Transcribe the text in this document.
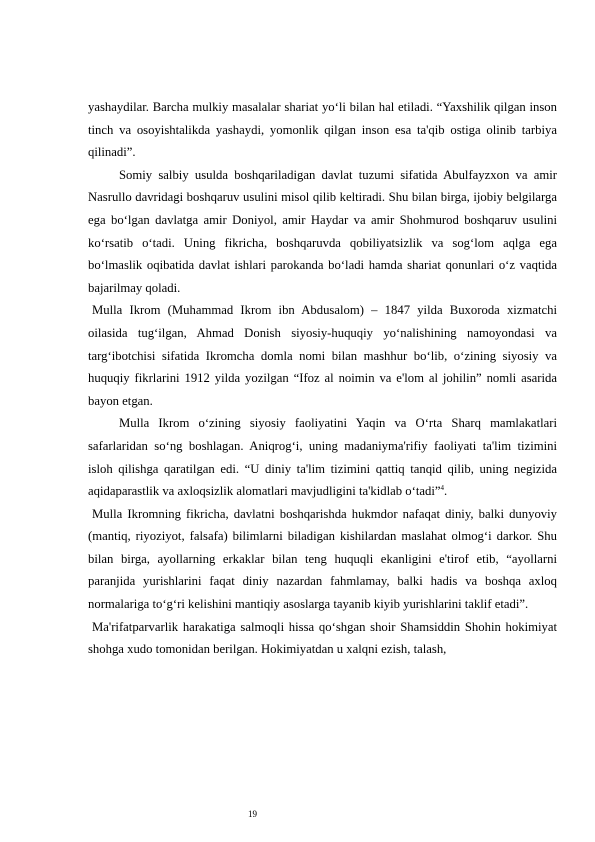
yashaydilar. Barcha mulkiy masalalar shariat yo‘li bilan hal etiladi. “Yaxshilik qilgan inson tinch va osoyishtalikda yashaydi, yomonlik qilgan inson esa ta'qib ostiga olinib tarbiya qilinadi”.

Somiy salbiy usulda boshqariladigan davlat tuzumi sifatida Abulfayzxon va amir Nasrullo davridagi boshqaruv usulini misol qilib keltiradi. Shu bilan birga, ijobiy belgilarga ega bo‘lgan davlatga amir Doniyol, amir Haydar va amir Shohmurod boshqaruv usulini ko‘rsatib o‘tadi. Uning fikricha, boshqaruvda qobiliyatsizlik va sog‘lom aqlga ega bo‘lmaslik oqibatida davlat ishlari parokanda bo‘ladi hamda shariat qonunlari o‘z vaqtida bajarilmay qoladi.

Mulla Ikrom (Muhammad Ikrom ibn Abdusalom) – 1847 yilda Buxoroda xizmatchi oilasida tug‘ilgan, Ahmad Donish siyosiy-huquqiy yo‘nalishining namoyondasi va targ‘ibotchisi sifatida Ikromcha domla nomi bilan mashhur bo‘lib, o‘zining siyosiy va huquqiy fikrlarini 1912 yilda yozilgan “Ifoz al noimin va e'lom al johilin” nomli asarida bayon etgan.

Mulla Ikrom o‘zining siyosiy faoliyatini Yaqin va O‘rta Sharq mamlakatlari safarlaridan so‘ng boshlagan. Aniqrog‘i, uning madaniyma'rifiy faoliyati ta'lim tizimini isloh qilishga qaratilgan edi. “U diniy ta'lim tizimini qattiq tanqid qilib, uning negizida aqidaparastlik va axloqsizlik alomatlari mavjudligini ta'kidlab o‘tadi”$^4$.

Mulla Ikromning fikricha, davlatni boshqarishda hukmdor nafaqat diniy, balki dunyoviy (mantiq, riyoziyot, falsafa) bilimlarni biladigan kishilardan maslahat olmog‘i darkor. Shu bilan birga, ayollarning erkaklar bilan teng huquqli ekanligini e'tirof etib, “ayollarni paranjida yurishlarini faqat diniy nazardan fahmlamay, balki hadis va boshqa axloq normalariga to‘g‘ri kelishini mantiqiy asoslarga tayanib kiyib yurishlarini taklif etadi”.

Ma'rifatparvarlik harakatiga salmoqli hissa qo‘shgan shoir Shamsiddin Shohin hokimiyat shohga xudo tomonidan berilgan. Hokimiyatdan u xalqni ezish, talash,

19
